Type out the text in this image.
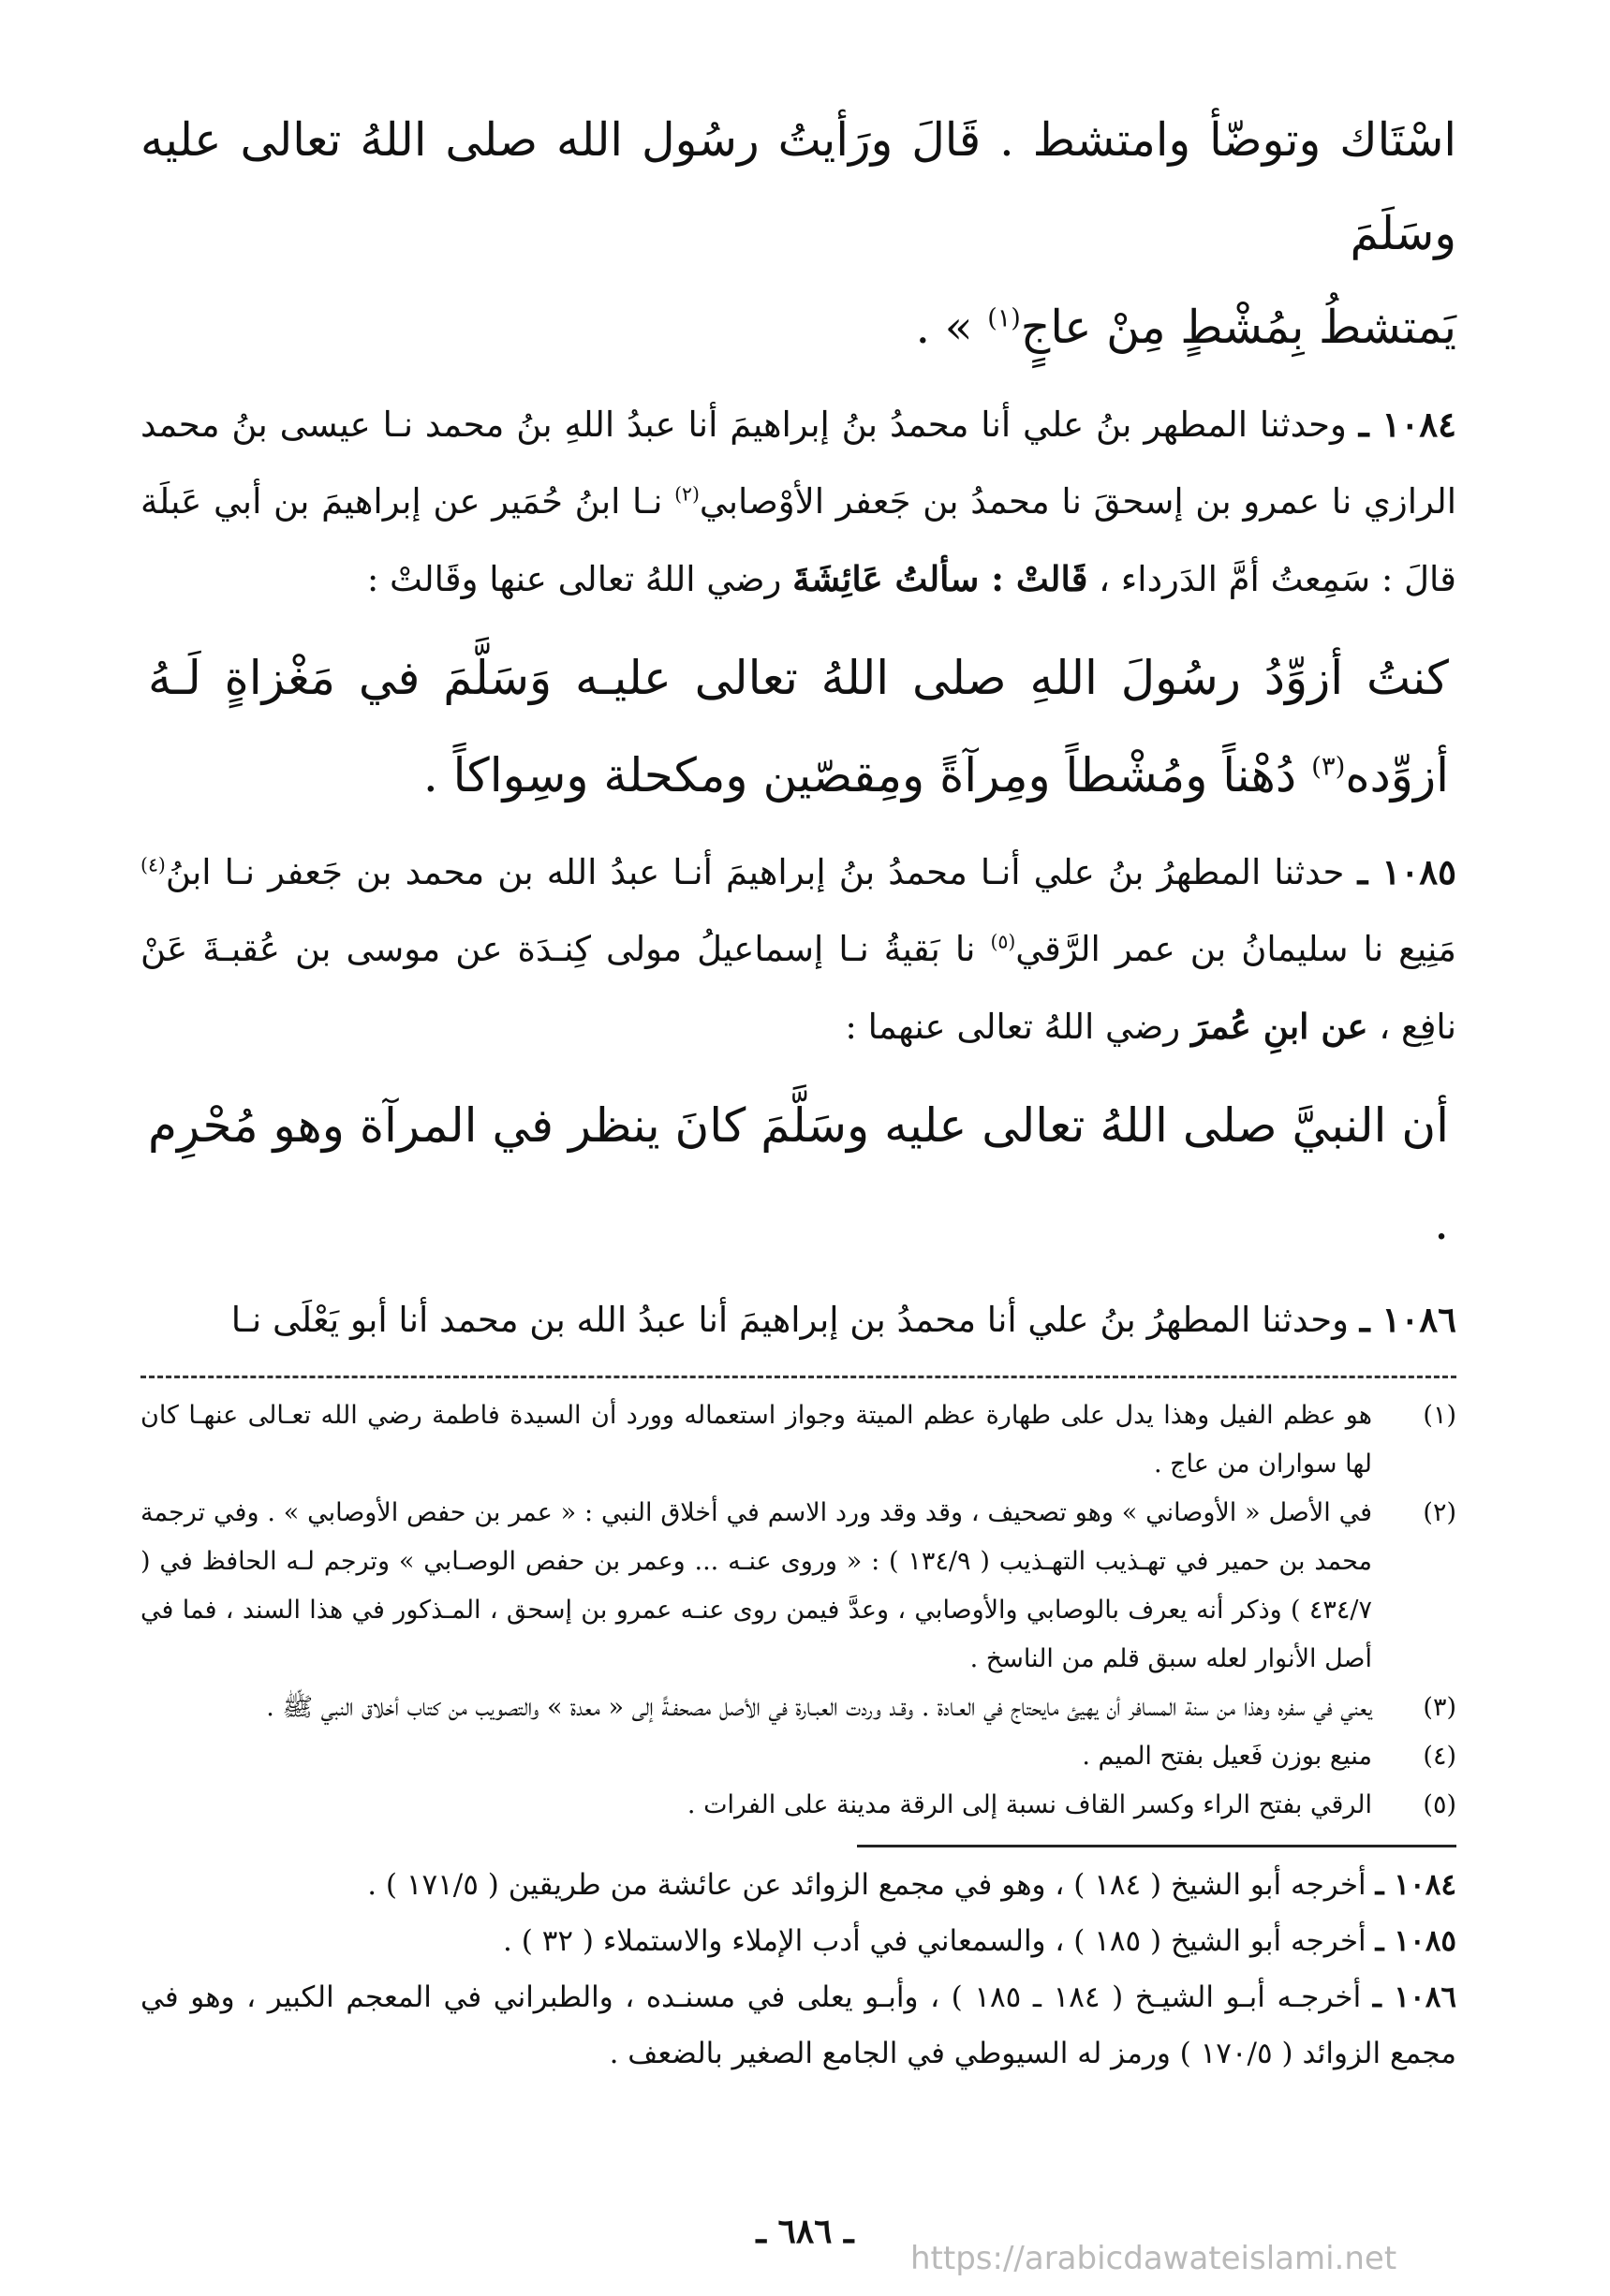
اسْتَاك وتوضّأ وامتشط . قَالَ ورَأيتُ رسُول الله صلى اللهُ تعالى عليه وسَلَمَ
يَمتشطُ بِمُشْطٍ مِنْ عاجٍ$^{(١)}$ » .
١٠٨٤ ـ وحدثنا المطهر بنُ علي أنا محمدُ بنُ إبراهيمَ أنا عبدُ اللهِ بنُ محمد نـا عيسى بنُ محمد الرازي نا عمرو بن إسحقَ نا محمدُ بن جَعفر الأوْصابي$^{(٢)}$ نـا ابنُ حُمَير عن إبراهيمَ بن أبي عَبلَة قالَ : سَمِعتُ أمَّ الدَرداء ، قَالتْ : سألتُ عَائِشَةَ رضي اللهُ تعالى عنها وقَالتْ :
كنتُ أزوِّدُ رسُولَ اللهِ صلى اللهُ تعالى عليـه وَسَلَّمَ في مَغْزاةٍ لَـهُ أزوِّده$^{(٣)}$ دُهْناً ومُشْطاً ومِرآةً ومِقصّين ومكحلة وسِواكاً .
١٠٨٥ ـ حدثنا المطهرُ بنُ علي أنـا محمدُ بنُ إبراهيمَ أنـا عبدُ الله بن محمد بن جَعفر نـا ابنُ$^{(٤)}$ مَنِيع نا سليمانُ بن عمر الرَّقي$^{(٥)}$ نا بَقيةُ نـا إسماعيلُ مولى كِنـدَة عن موسى بن عُقبـةَ عَنْ نافِع ، عن ابنِ عُمرَ رضي اللهُ تعالى عنهما :
أن النبيَّ صلى اللهُ تعالى عليه وسَلَّمَ كانَ ينظر في المرآة وهو مُحْرِم .
١٠٨٦ ـ وحدثنا المطهرُ بنُ علي أنا محمدُ بن إبراهيمَ أنا عبدُ الله بن محمد أنا أبو يَعْلَى نـا
(١)
هو عظم الفيل وهذا يدل على طهارة عظم الميتة وجواز استعماله وورد أن السيدة فاطمة رضي الله تعـالى عنهـا كان لها سواران من عاج .
(٢)
في الأصل « الأوصاني » وهو تصحيف ، وقد وقد ورد الاسم في أخلاق النبي : « عمر بن حفص الأوصابي » . وفي ترجمة محمد بن حمير في تهـذيب التهـذيب ( ١٣٤/٩ ) : « وروى عنـه ... وعمر بن حفص الوصـابي » وترجم لـه الحافظ في ( ٤٣٤/٧ ) وذكر أنه يعرف بالوصابي والأوصابي ، وعدَّ فيمن روى عنـه عمرو بن إسحق ، المـذكور في هذا السند ، فما في أصل الأنوار لعله سبق قلم من الناسخ .
(٣)
يعني في سفره وهذا من سنة المسافر أن يهيئ مايحتاج في العـادة . وقـد وردت العبـارة في الأصل مصحفـةً إلى « معدة » والتصويب من كتاب أخلاق النبي ﷺ .
(٤)
منيع بوزن فَعيل بفتح الميم .
(٥)
الرقي بفتح الراء وكسر القاف نسبة إلى الرقة مدينة على الفرات .
١٠٨٤ ـ أخرجه أبو الشيخ ( ١٨٤ ) ، وهو في مجمع الزوائد عن عائشة من طريقين ( ١٧١/٥ ) .
١٠٨٥ ـ أخرجه أبو الشيخ ( ١٨٥ ) ، والسمعاني في أدب الإملاء والاستملاء ( ٣٢ ) .
١٠٨٦ ـ أخرجـه أبـو الشيـخ ( ١٨٤ ـ ١٨٥ ) ، وأبـو يعلى في مسنـده ، والطبراني في المعجم الكبير ، وهو في مجمع الزوائد ( ١٧٠/٥ ) ورمز له السيوطي في الجامع الصغير بالضعف .
ـ ٦٨٦ ـ
https://arabicdawateislami.net
